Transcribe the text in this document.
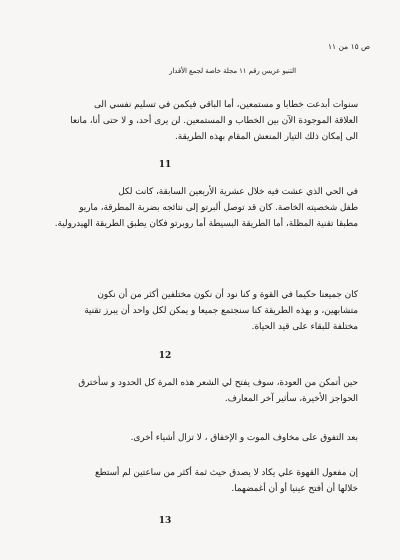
ص ١٥ من ١١
التنيو عريس رقم ١١ مجلة خاصة لجمع الأقدار
سنوات أبدعت خطابا و مستمعين، أما الباقي فيكمن في تسليم نفسي الى
العلاقة الموجودة الآن بين الخطاب و المستمعين. لن يرى أحد، و لا حتى أنا، مانعا
الى إمكان ذلك التيار المنعش المقام بهذه الطريقة.
11
في الحي الذي عشت فيه خلال عشرية الأربعين السابقة، كانت لكل
طفل شخصيته الخاصة. كان قد توصل ألبرتو إلى نتائجه بضربة المطرقة، ماريو
مطبقا تقنية المظلة، أما الطريقة البسيطة أما روبرتو فكان يطبق الطريقة الهيدرولية.
كان جميعنا حكيما في القوة و كنا نود أن نكون مختلفين أكثر من أن نكون
متشابهين، و بهذه الطريقة كنا سنجتمع جميعا و يمكن لكل واحد أن يبرز تقنية
مختلفة للبقاء على قيد الحياة.
12
حين أتمكن من العودة، سوف يفتح لي الشعر هذه المرة كل الحدود و سأخترق
الحواجز الأخيرة، سأثير آخر المعارف.
بعد التفوق على مخاوف الموت و الإخفاق ، لا تزال أشياء أخرى.
إن مفعول القهوة علي يكاد لا يصدق حيث ثمة أكثر من ساعتين لم أستطع
خلالها أن أفتح عينيا أو أن أغمضهما.
13
